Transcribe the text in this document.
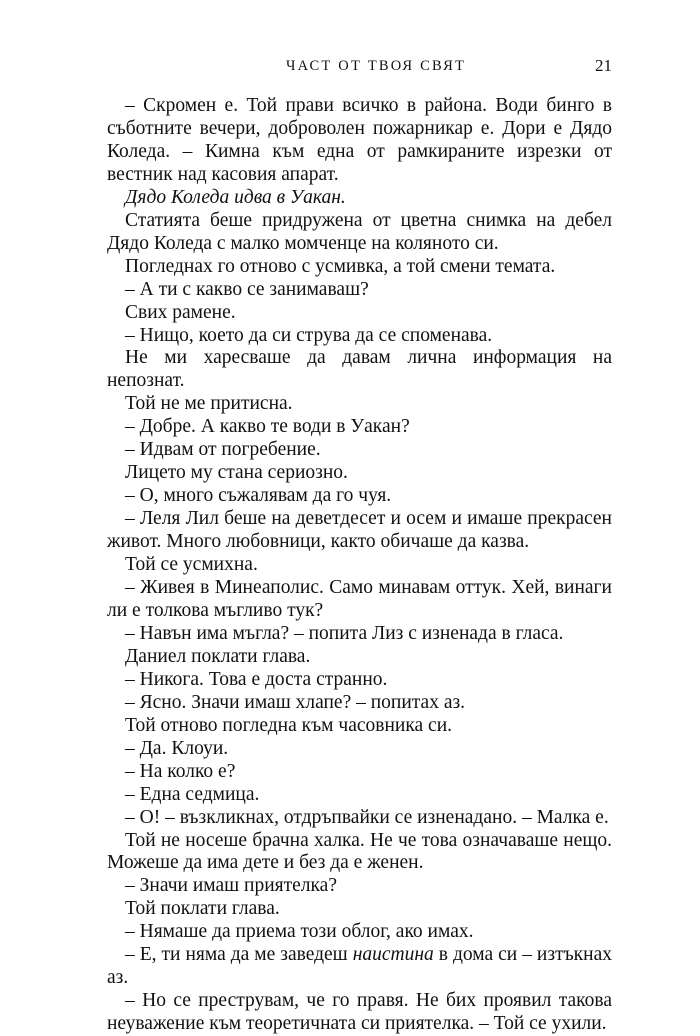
ЧАСТ ОТ ТВОЯ СВЯТ	21

– Скромен е. Той прави всичко в района. Води бинго в съботните вечери, доброволен пожарникар е. Дори е Дядо Коледа. – Кимна към една от рамкираните изрезки от вестник над касовия апарат.

Дядо Коледа идва в Уакан.

Статията беше придружена от цветна снимка на дебел Дядо Коледа с малко момченце на коляното си.

Погледнах го отново с усмивка, а той смени темата.

– А ти с какво се занимаваш?

Свих рамене.

– Нищо, което да си струва да се споменава.

Не ми харесваше да давам лична информация на непознат.

Той не ме притисна.

– Добре. А какво те води в Уакан?

– Идвам от погребение.

Лицето му стана сериозно.

– О, много съжалявам да го чуя.

– Леля Лил беше на деветдесет и осем и имаше прекрасен живот. Много любовници, както обичаше да казва.

Той се усмихна.

– Живея в Минеаполис. Само минавам оттук. Хей, винаги ли е толкова мъгливо тук?

– Навън има мъгла? – попита Лиз с изненада в гласа.

Даниел поклати глава.

– Никога. Това е доста странно.

– Ясно. Значи имаш хлапе? – попитах аз.

Той отново погледна към часовника си.

– Да. Клоуи.

– На колко е?

– Една седмица.

– О! – възкликнах, отдръпвайки се изненадано. – Малка е.

Той не носеше брачна халка. Не че това означаваше нещо. Можеше да има дете и без да е женен.

– Значи имаш приятелка?

Той поклати глава.

– Нямаше да приема този облог, ако имах.

– Е, ти няма да ме заведеш наистина в дома си – изтъкнах аз.

– Но се преструвам, че го правя. Не бих проявил такова неуважение към теоретичната си приятелка. – Той се ухили.
